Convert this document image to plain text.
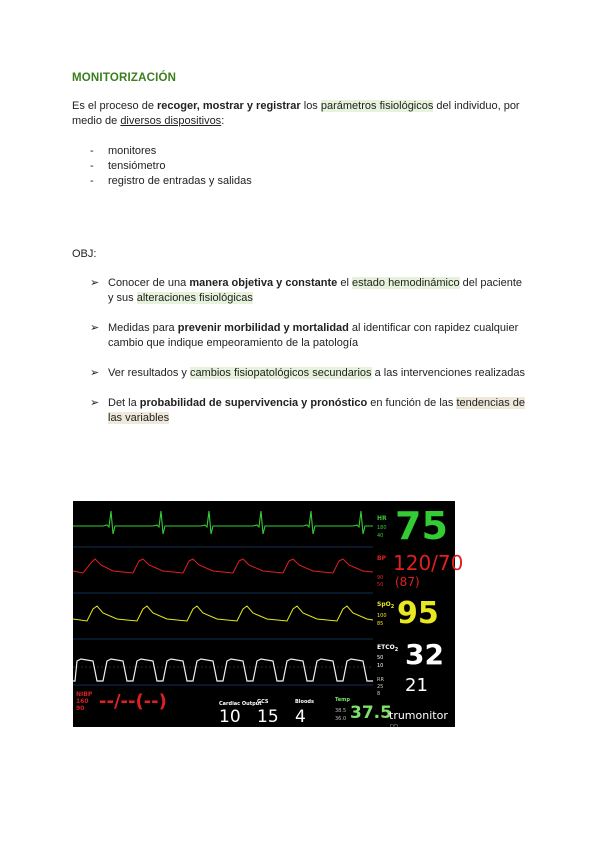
MONITORIZACIÓN
Es el proceso de recoger, mostrar y registrar los parámetros fisiológicos del individuo, por medio de diversos dispositivos:
- monitores
- tensiómetro
- registro de entradas y salidas
OBJ:
➢ Conocer de una manera objetiva y constante el estado hemodinámico del paciente y sus alteraciones fisiológicas
➢ Medidas para prevenir morbilidad y mortalidad al identificar con rapidez cualquier cambio que indique empeoramiento de la patología
➢ Ver resultados y cambios fisiopatológicos secundarios a las intervenciones realizadas
➢ Det la probabilidad de supervivencia y pronóstico en función de las tendencias de las variables
HR
180
40 75
BP
90
50
120/70
(87)
SpO$_2$
100
85 95
$ETCO_2$
50
10 32
RR
25
8 21
NIBP
160
90 --/--(--)	Cardiac Output
10
GCS
15
Bloods
4
Temp
38.5
36.0 37.5
trumonitor ♡
